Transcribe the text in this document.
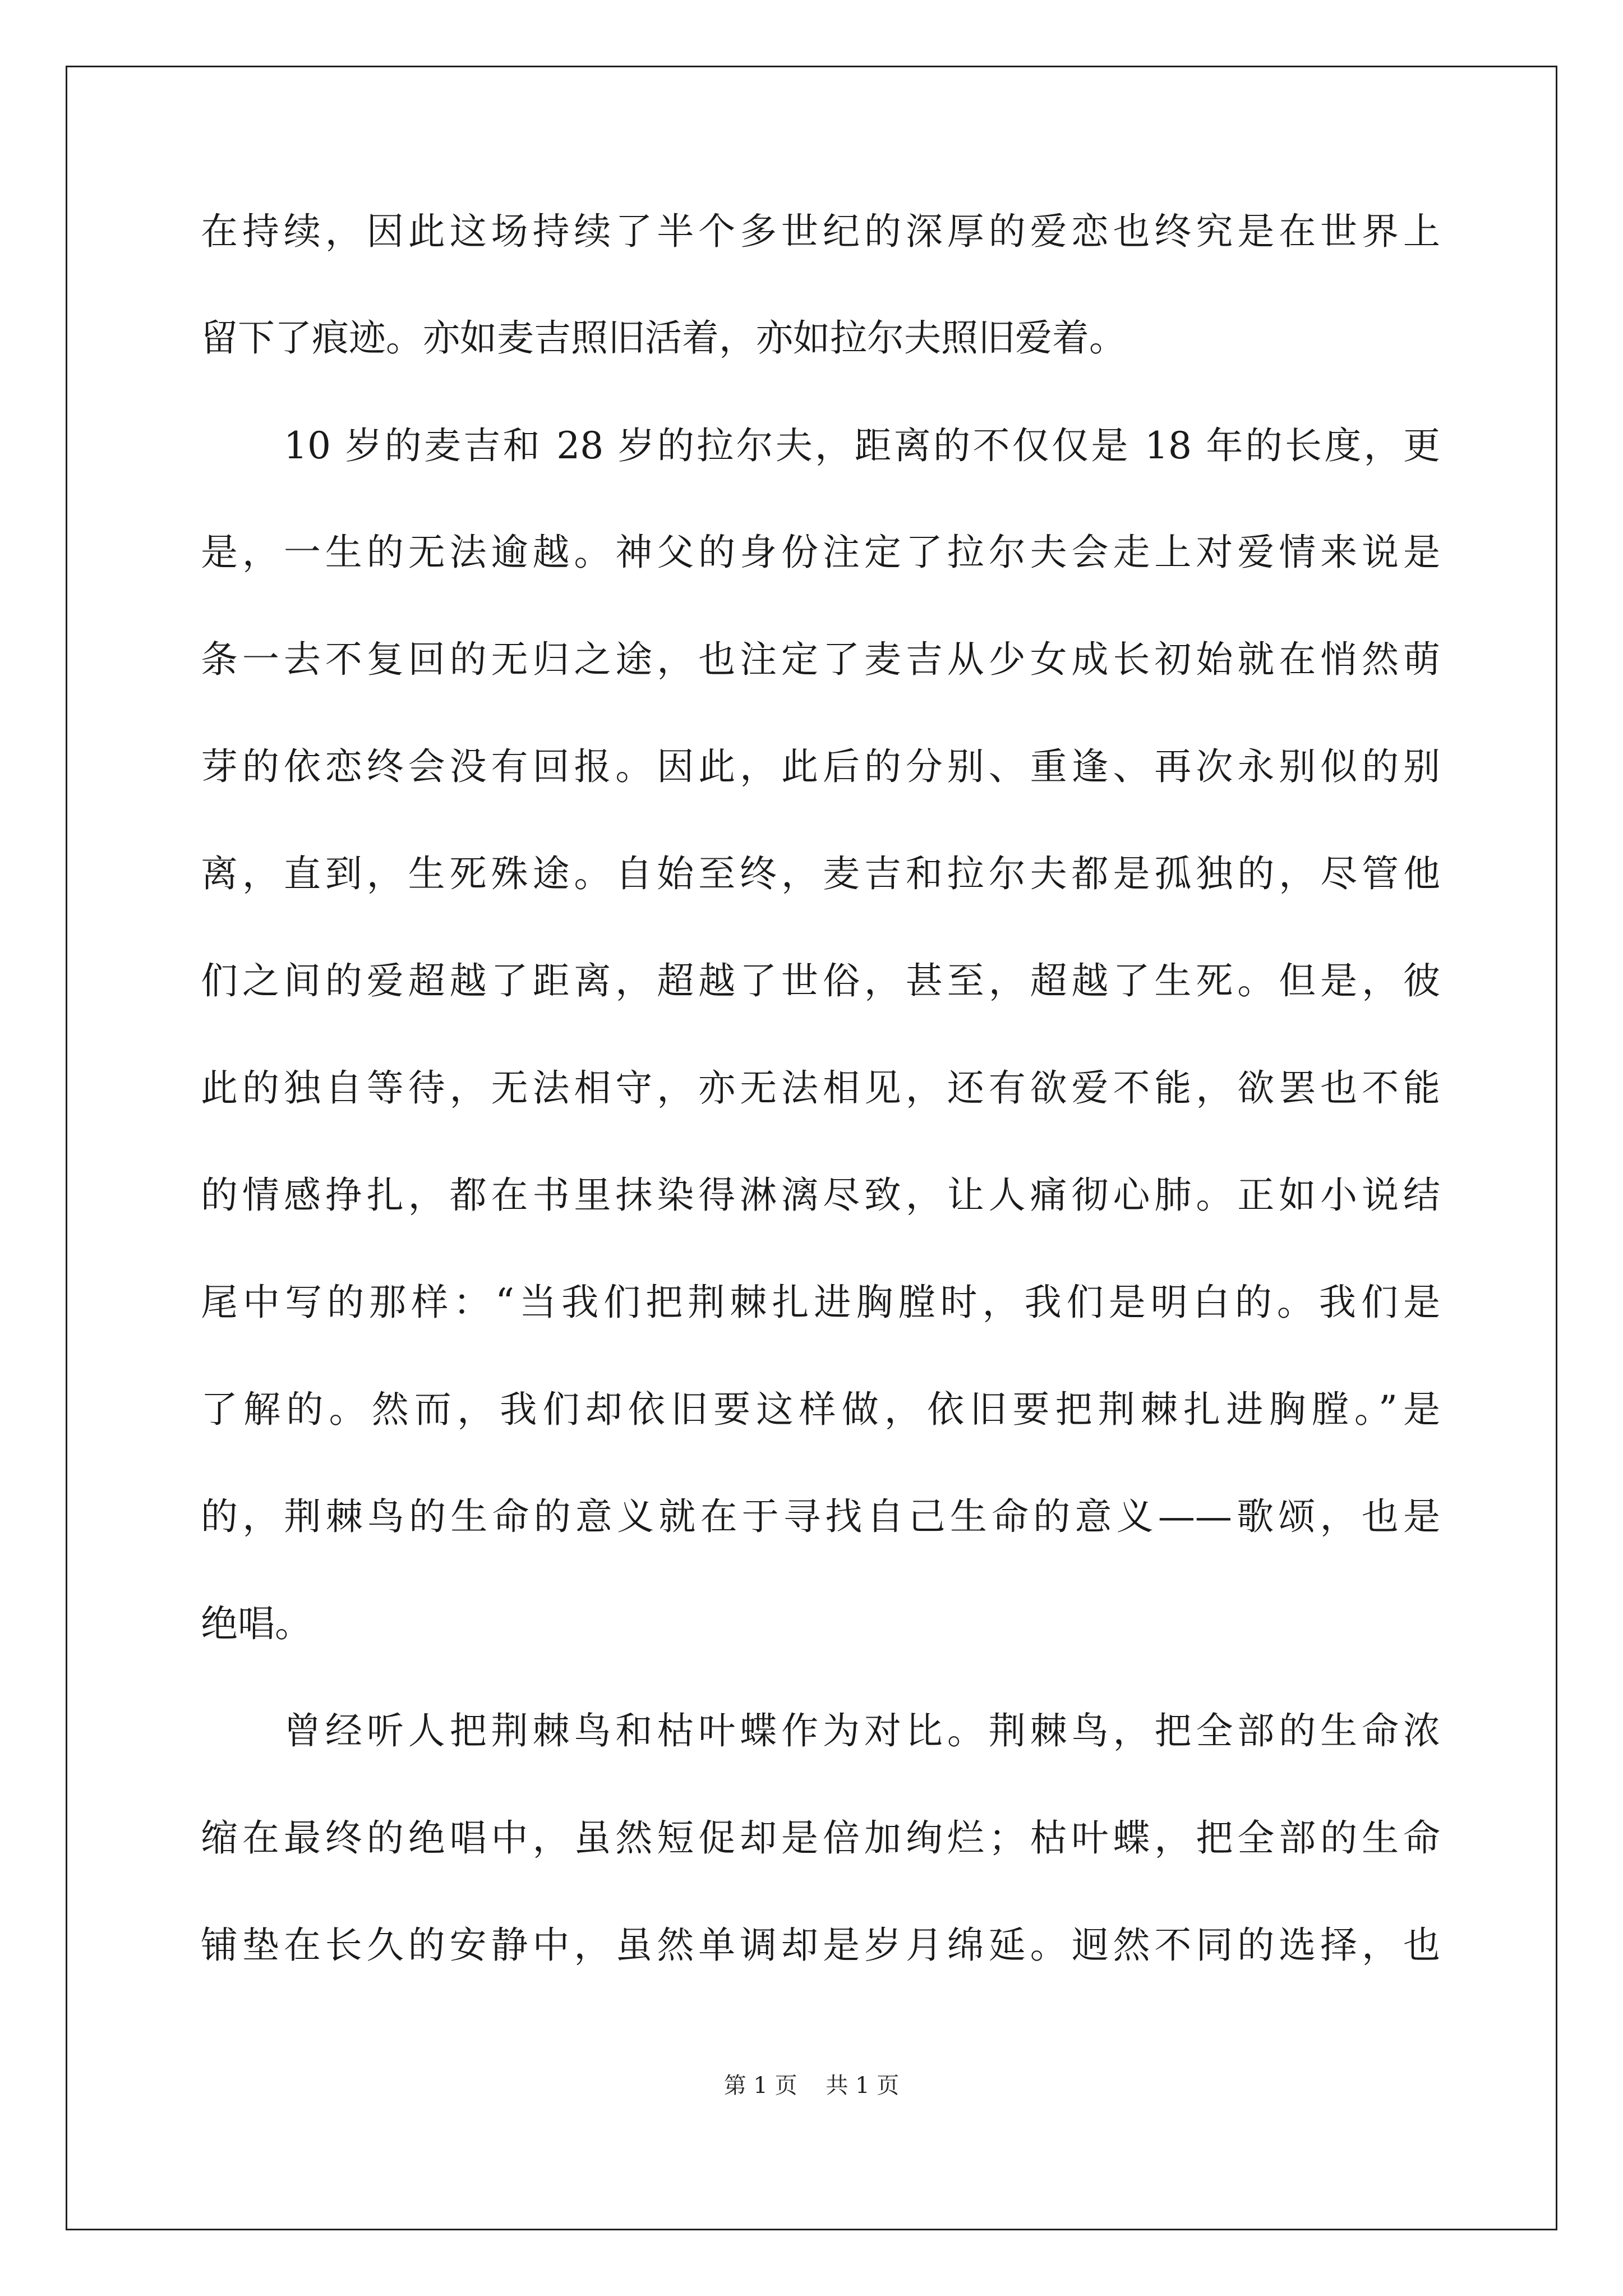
在持续，因此这场持续了半个多世纪的深厚的爱恋也终究是在世界上
留下了痕迹。亦如麦吉照旧活着，亦如拉尔夫照旧爱着。
10 岁的麦吉和 28 岁的拉尔夫，距离的不仅仅是 18 年的长度，更
是，一生的无法逾越。神父的身份注定了拉尔夫会走上对爱情来说是
条一去不复回的无归之途，也注定了麦吉从少女成长初始就在悄然萌
芽的依恋终会没有回报。因此，此后的分别、重逢、再次永别似的别
离，直到，生死殊途。自始至终，麦吉和拉尔夫都是孤独的，尽管他
们之间的爱超越了距离，超越了世俗，甚至，超越了生死。但是，彼
此的独自等待，无法相守，亦无法相见，还有欲爱不能，欲罢也不能
的情感挣扎，都在书里抹染得淋漓尽致，让人痛彻心肺。正如小说结
尾中写的那样：“当我们把荆棘扎进胸膛时，我们是明白的。我们是
了解的。然而，我们却依旧要这样做，依旧要把荆棘扎进胸膛。”是
的，荆棘鸟的生命的意义就在于寻找自己生命的意义——歌颂，也是
绝唱。
曾经听人把荆棘鸟和枯叶蝶作为对比。荆棘鸟，把全部的生命浓
缩在最终的绝唱中，虽然短促却是倍加绚烂；枯叶蝶，把全部的生命
铺垫在长久的安静中，虽然单调却是岁月绵延。迥然不同的选择，也
第 1 页    共 1 页
